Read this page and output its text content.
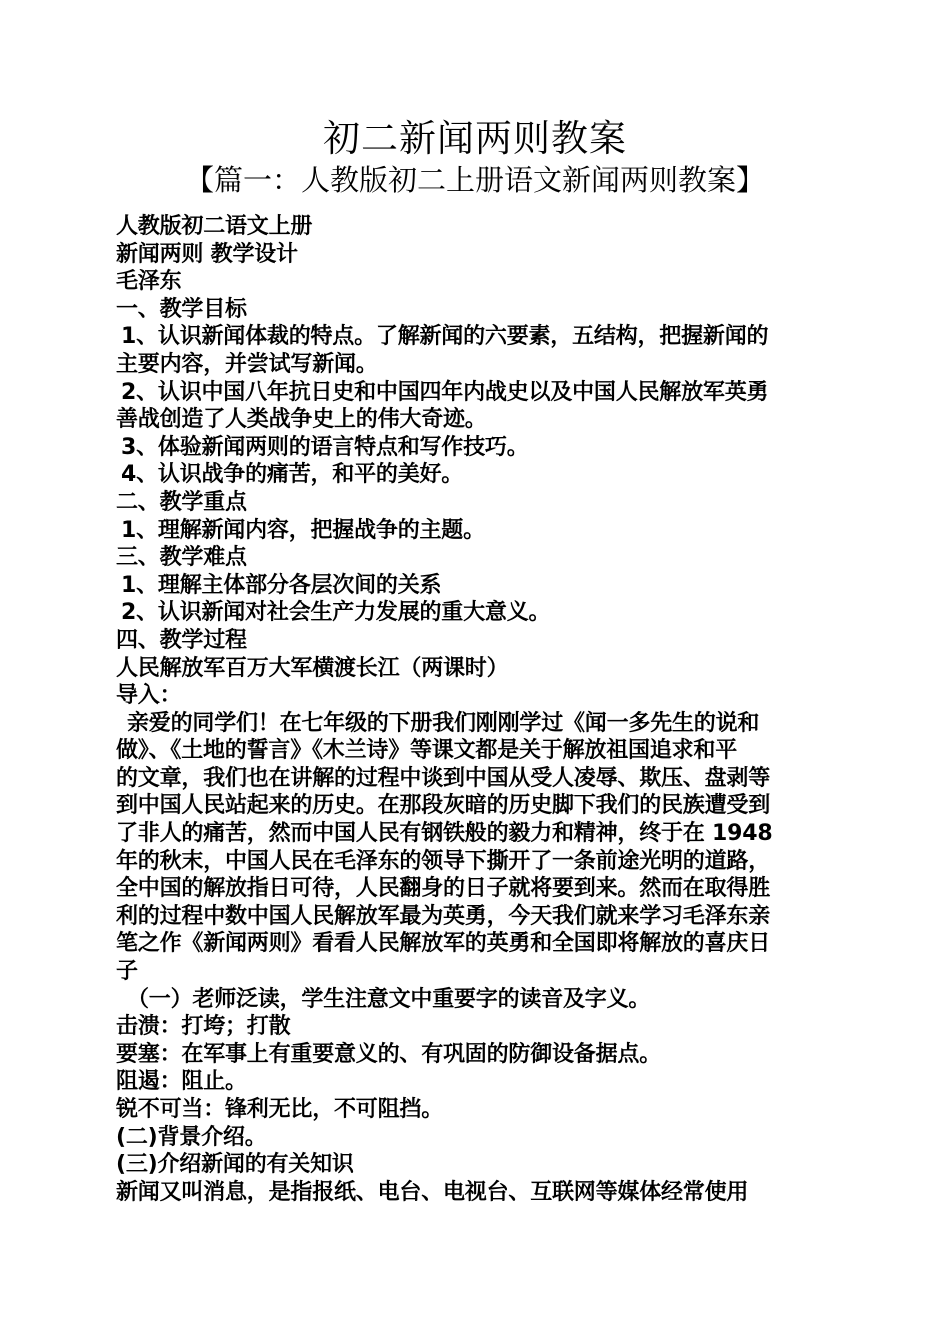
初二新闻两则教案
【篇一：人教版初二上册语文新闻两则教案】

人教版初二语文上册

新闻两则 教学设计

毛泽东

一、教学目标

1、认识新闻体裁的特点。了解新闻的六要素，五结构，把握新闻的

主要内容，并尝试写新闻。

2、认识中国八年抗日史和中国四年内战史以及中国人民解放军英勇

善战创造了人类战争史上的伟大奇迹。

3、体验新闻两则的语言特点和写作技巧。

4、认识战争的痛苦，和平的美好。

二、教学重点

1、理解新闻内容，把握战争的主题。

三、教学难点

1、理解主体部分各层次间的关系

2、认识新闻对社会生产力发展的重大意义。

四、教学过程

人民解放军百万大军横渡长江（两课时）

导入：

亲爱的同学们！在七年级的下册我们刚刚学过《闻一多先生的说和

做》、《土地的誓言》《木兰诗》等课文都是关于解放祖国追求和平

的文章，我们也在讲解的过程中谈到中国从受人凌辱、欺压、盘剥等

到中国人民站起来的历史。在那段灰暗的历史脚下我们的民族遭受到

了非人的痛苦，然而中国人民有钢铁般的毅力和精神，终于在 1948

年的秋末，中国人民在毛泽东的领导下撕开了一条前途光明的道路，

全中国的解放指日可待，人民翻身的日子就将要到来。然而在取得胜

利的过程中数中国人民解放军最为英勇，今天我们就来学习毛泽东亲

笔之作《新闻两则》看看人民解放军的英勇和全国即将解放的喜庆日

子

（一）老师泛读，学生注意文中重要字的读音及字义。

击溃：打垮；打散

要塞：在军事上有重要意义的、有巩固的防御设备据点。

阻遏：阻止。

锐不可当：锋利无比，不可阻挡。

(二)背景介绍。

(三)介绍新闻的有关知识

新闻又叫消息，是指报纸、电台、电视台、互联网等媒体经常使用
